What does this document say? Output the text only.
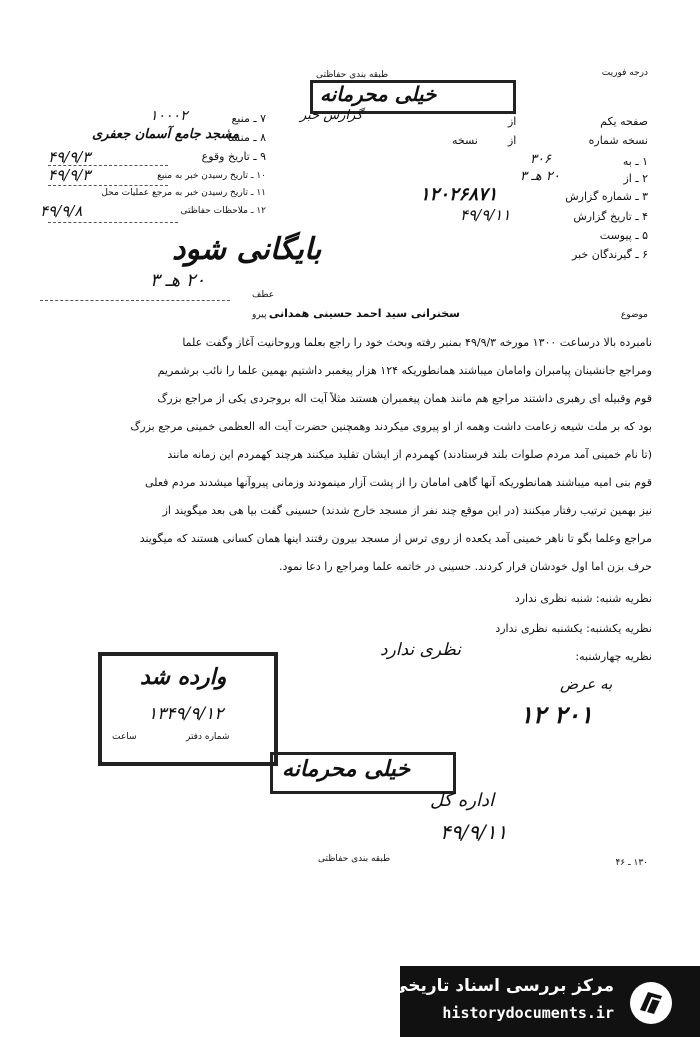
درجه فوریت
طبقه بندی حفاظتی
خیلی محرمانه
گزارش خبر	صفحه یکم
از
نسخه شماره
از
نسخه
۱ ـ به
۳۰۶
۲ ـ از
۲۰ هـ ۳
۳ ـ شماره گزارش
۱۲۰۲۶۸۷۱
۴ ـ تاریخ گزارش
۴۹/۹/۱۱
۵ ـ پیوست
۶ ـ گیرندگان خبر
۷ ـ منبع
۱۰۰۰۲
۸ ـ منشأ
مسجد جامع آسمان جعفری
۹ ـ تاریخ وقوع
۴۹/۹/۳
۱۰ ـ تاریخ رسیدن خبر به منبع
۴۹/۹/۳
۱۱ ـ تاریخ رسیدن خبر به مرجع عملیات محل
۱۲ ـ ملاحظات حفاظتی
۴۹/۹/۸
بایگانی شود
۲۰ هـ ۳
عطف
پیرو	موضوع
سخنرانی سید احمد حسینی همدانی
نامبرده بالا درساعت ۱۳۰۰ مورخه ۴۹/۹/۳ بمنبر رفته وبحث خود را راجع بعلما وروحانیت آغاز وگفت علما
ومراجع جانشینان پیامبران وامامان میباشند همانطوریکه ۱۲۴ هزار پیغمبر داشتیم بهمین علما را نائب برشمریم
قوم وقبیله ای رهبری داشتند مراجع هم مانند همان پیغمبران هستند مثلاً آیت اله بروجردی یکی از مراجع بزرگ
بود که بر ملت شیعه زعامت داشت وهمه از او پیروی میکردند وهمچنین حضرت آیت اله العظمی خمینی مرجع بزرگ
(تا نام خمینی آمد مردم صلوات بلند فرستادند) کهمردم از ایشان تقلید میکنند هرچند کهمردم این زمانه مانند
قوم بنی امیه میباشند همانطوریکه آنها گاهی امامان را از پشت آزار مینمودند وزمانی پیروآنها میشدند مردم فعلی
نیز بهمین ترتیب رفتار میکنند (در این موقع چند نفر از مسجد خارج شدند) حسینی گفت بیا هی بعد میگویند از
مراجع وعلما بگو تا ناهر خمینی آمد یکعده از روی ترس از مسجد بیرون رفتند اینها همان کسانی هستند که میگویند
حرف بزن اما اول خودشان فرار کردند. حسینی در خاتمه علما ومراجع را دعا نمود.
نظریه شنبه: شنبه نظری ندارد
نظریه یکشنبه: یکشنبه نظری ندارد
نظریه چهارشنبه:
نظری ندارد
به عرض
وارده شد
۱۳۴۹/۹/۱۲
ساعت	شماره دفتر
خیلی محرمانه
۲۰۱ ۱۲
اداره کل
۴۹/۹/۱۱
طبقه بندی حفاظتی	۱۳۰ ـ ۴۶
مرکز بررسی اسناد تاریخی
historydocuments.ir
